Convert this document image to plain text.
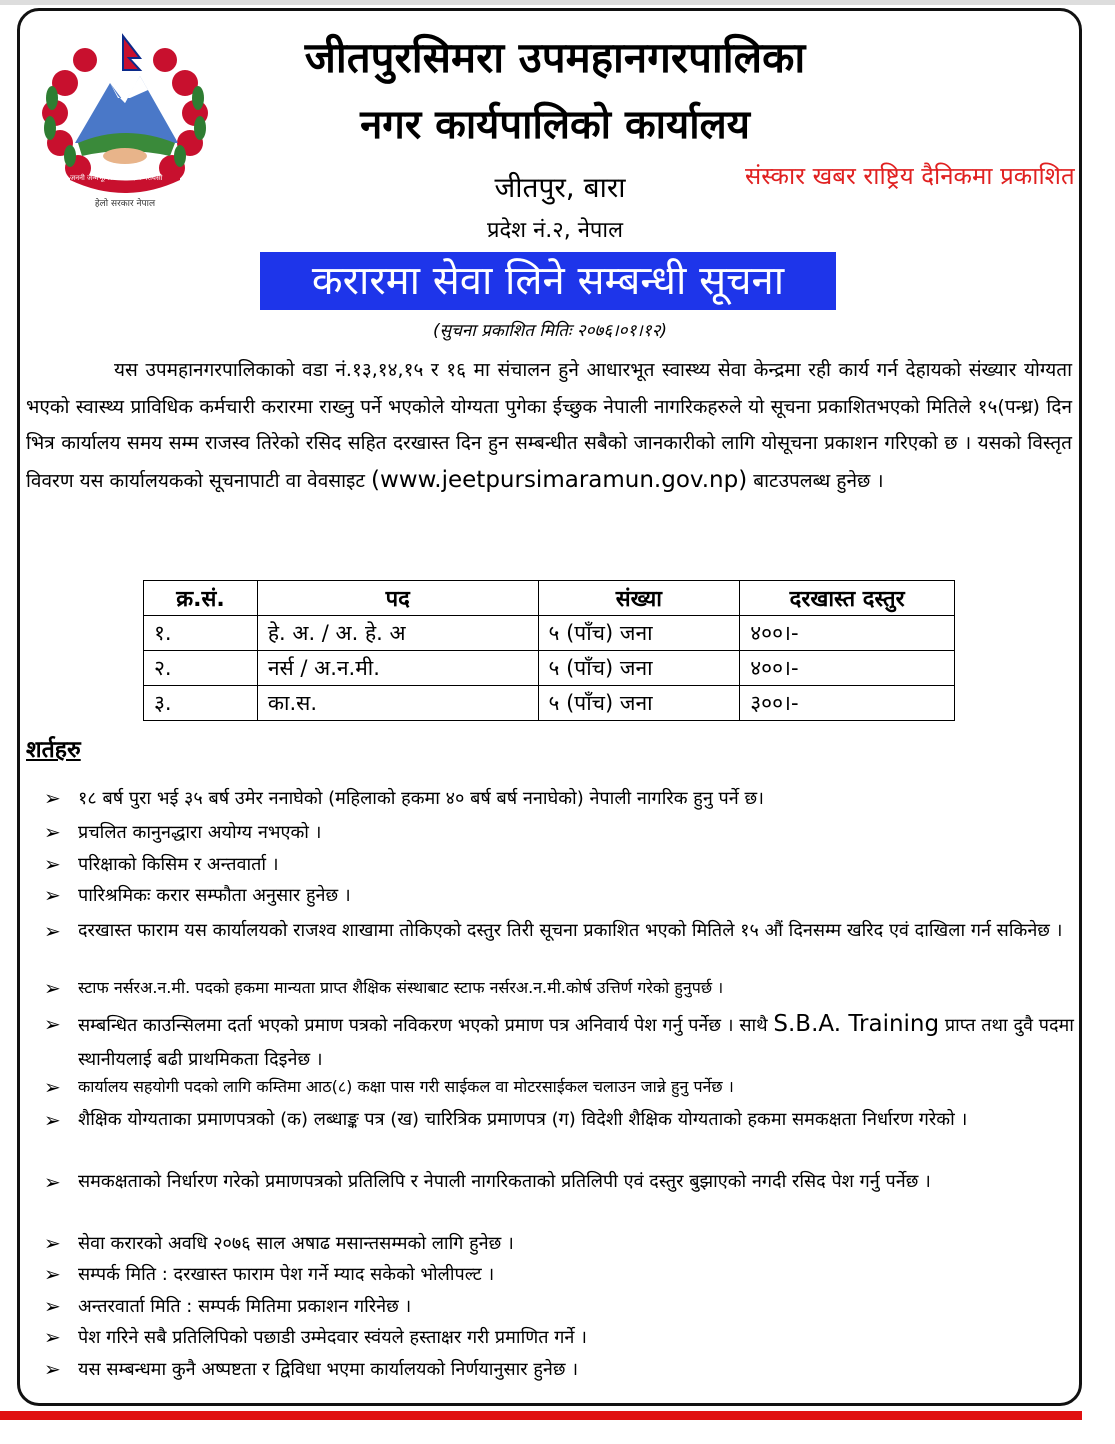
जननी जन्मभूमिश्च स्वर्गादपि गरीयसी
हेलो सरकार नेपाल
जीतपुरसिमरा उपमहानगरपालिका
नगर कार्यपालिको कार्यालय
जीतपुर, बारा
प्रदेश नं.२, नेपाल
संस्कार खबर राष्ट्रिय दैनिकमा प्रकाशित
करारमा सेवा लिने सम्बन्धी सूचना
(सुचना प्रकाशित मितिः २०७६।०१।१२)
यस उपमहानगरपालिकाको वडा नं.१३,१४,१५ र १६ मा संचालन हुने आधारभूत स्वास्थ्य सेवा केन्द्रमा रही कार्य गर्न देहायको संख्यार योग्यता भएको स्वास्थ्य प्राविधिक कर्मचारी करारमा राख्नु पर्ने भएकोले योग्यता पुगेका ईच्छुक नेपाली नागरिकहरुले यो सूचना प्रकाशितभएको मितिले १५(पन्ध्र) दिन भित्र कार्यालय समय सम्म राजस्व तिरेको रसिद सहित दरखास्त दिन हुन सम्बन्धीत सबैको जानकारीको लागि योसूचना प्रकाशन गरिएको छ । यसको विस्तृत विवरण यस कार्यालयकको सूचनापाटी वा वेवसाइट (www.jeetpursimaramun.gov.np) बाटउपलब्ध हुनेछ ।
क्र.सं.	पद	संख्या	दरखास्त दस्तुर
१.	हे. अ. / अ. हे. अ	५ (पाँच) जना	४००।-
२.	नर्स / अ.न.मी.	५ (पाँच) जना	४००।-
३.	का.स.	५ (पाँच) जना	३००।-
शर्तहरु
➢ १८ बर्ष पुरा भई ३५ बर्ष उमेर ननाघेको (महिलाको हकमा ४० बर्ष बर्ष ननाघेको) नेपाली नागरिक हुनु पर्ने छ।
➢ प्रचलित कानुनद्धारा अयोग्य नभएको ।
➢ परिक्षाको किसिम र अन्तवार्ता ।
➢ पारिश्रमिकः करार सम्फौता अनुसार हुनेछ ।
➢ दरखास्त फाराम यस कार्यालयको राजश्व शाखामा तोकिएको दस्तुर तिरी सूचना प्रकाशित भएको मितिले १५ औं दिनसम्म खरिद एवं दाखिला गर्न सकिनेछ ।
➢ स्टाफ नर्सरअ.न.मी. पदको हकमा मान्यता प्राप्त शैक्षिक संस्थाबाट स्टाफ नर्सरअ.न.मी.कोर्ष उत्तिर्ण गरेको हुनुपर्छ ।
➢ सम्बन्धित काउन्सिलमा दर्ता भएको प्रमाण पत्रको नविकरण भएको प्रमाण पत्र अनिवार्य पेश गर्नु पर्नेछ । साथै S.B.A. Training प्राप्त तथा दुवै पदमा स्थानीयलाई बढी प्राथमिकता दिइनेछ ।
➢ कार्यालय सहयोगी पदको लागि कम्तिमा आठ(८) कक्षा पास गरी साईकल वा मोटरसाईकल चलाउन जान्ने हुनु पर्नेछ ।
➢ शैक्षिक योग्यताका प्रमाणपत्रको (क) लब्धाङ्क पत्र (ख) चारित्रिक प्रमाणपत्र (ग) विदेशी शैक्षिक योग्यताको हकमा समकक्षता निर्धारण गरेको ।
➢ समकक्षताको निर्धारण गरेको प्रमाणपत्रको प्रतिलिपि र नेपाली नागरिकताको प्रतिलिपी एवं दस्तुर बुझाएको नगदी रसिद पेश गर्नु पर्नेछ ।
➢ सेवा करारको अवधि २०७६ साल अषाढ मसान्तसम्मको लागि हुनेछ ।
➢ सम्पर्क मिति : दरखास्त फाराम पेश गर्ने म्याद सकेको भोलीपल्ट ।
➢ अन्तरवार्ता मिति : सम्पर्क मितिमा प्रकाशन गरिनेछ ।
➢ पेश गरिने सबै प्रतिलिपिको पछाडी उम्मेदवार स्वंयले हस्ताक्षर गरी प्रमाणित गर्ने ।
➢ यस सम्बन्धमा कुनै अष्पष्टता र द्विविधा भएमा कार्यालयको निर्णयानुसार हुनेछ ।
